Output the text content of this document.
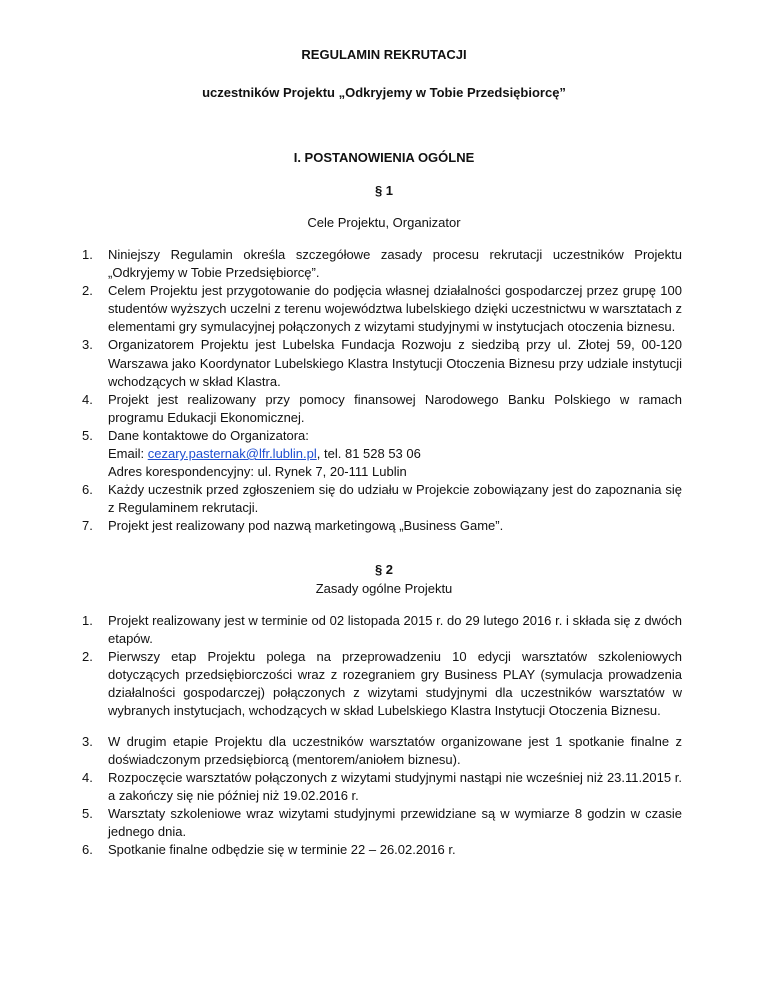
REGULAMIN REKRUTACJI
uczestników Projektu „Odkryjemy w Tobie Przedsiębiorcę”
I. POSTANOWIENIA OGÓLNE
§ 1
Cele Projektu, Organizator
1.	Niniejszy Regulamin określa szczegółowe zasady procesu rekrutacji uczestników Projektu „Odkryjemy w Tobie Przedsiębiorcę”.
2.	Celem Projektu jest przygotowanie do podjęcia własnej działalności gospodarczej przez grupę 100 studentów wyższych uczelni z terenu województwa lubelskiego dzięki uczestnictwu w warsztatach z elementami gry symulacyjnej połączonych z wizytami studyjnymi w instytucjach otoczenia biznesu.
3.	Organizatorem Projektu jest Lubelska Fundacja Rozwoju z siedzibą przy ul. Złotej 59, 00-120 Warszawa jako Koordynator Lubelskiego Klastra Instytucji Otoczenia Biznesu przy udziale instytucji wchodzących w skład Klastra.
4.	Projekt jest realizowany przy pomocy finansowej Narodowego Banku Polskiego w ramach programu Edukacji Ekonomicznej.
5.	Dane kontaktowe do Organizatora:
Email: cezary.pasternak@lfr.lublin.pl, tel. 81 528 53 06
Adres korespondencyjny: ul. Rynek 7, 20-111 Lublin
6.	Każdy uczestnik przed zgłoszeniem się do udziału w Projekcie zobowiązany jest do zapoznania się z Regulaminem rekrutacji.
7.	Projekt jest realizowany pod nazwą marketingową „Business Game”.
§ 2
Zasady ogólne Projektu
1.	Projekt realizowany jest w terminie od 02 listopada 2015 r. do 29 lutego 2016 r. i składa się z dwóch etapów.
2.	Pierwszy etap Projektu polega na przeprowadzeniu 10 edycji warsztatów szkoleniowych dotyczących przedsiębiorczości wraz z rozegraniem gry Business PLAY (symulacja prowadzenia działalności gospodarczej) połączonych z wizytami studyjnymi dla uczestników warsztatów w wybranych instytucjach, wchodzących w skład Lubelskiego Klastra Instytucji Otoczenia Biznesu.
3.	W drugim etapie Projektu dla uczestników warsztatów organizowane jest 1 spotkanie finalne z doświadczonym przedsiębiorcą (mentorem/aniołem biznesu).
4.	Rozpoczęcie warsztatów połączonych z wizytami studyjnymi nastąpi nie wcześniej niż 23.11.2015 r. a zakończy się nie później niż 19.02.2016 r.
5.	Warsztaty szkoleniowe wraz wizytami studyjnymi przewidziane są w wymiarze 8 godzin w czasie jednego dnia.
6.	Spotkanie finalne odbędzie się w terminie 22 – 26.02.2016 r.
